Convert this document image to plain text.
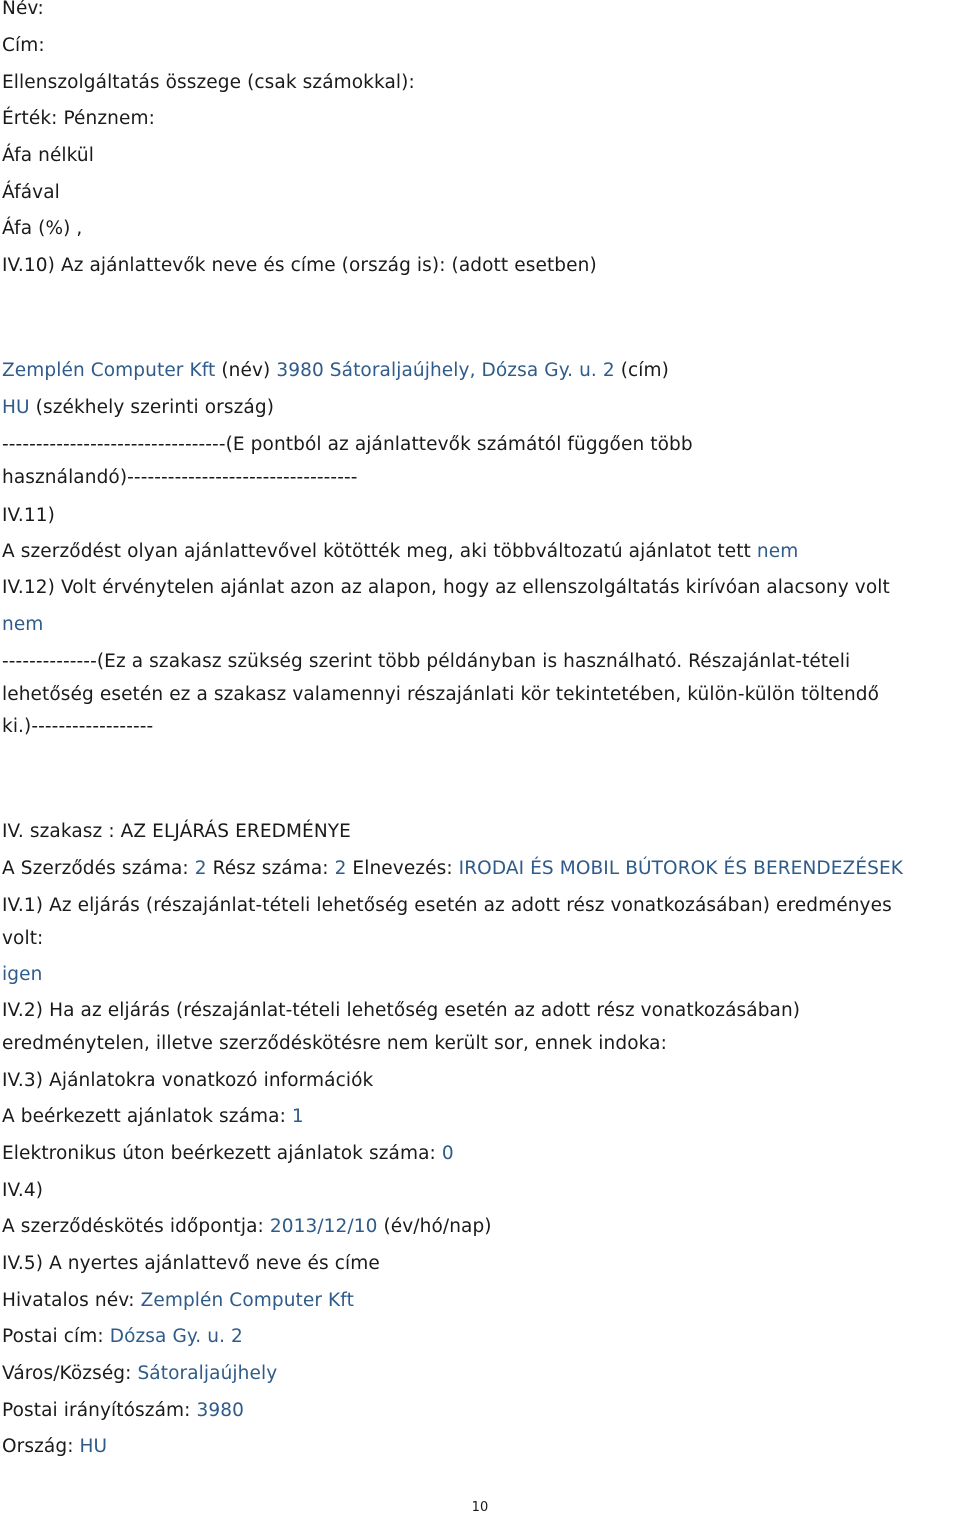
Név:
Cím:
Ellenszolgáltatás összege (csak számokkal):
Érték: Pénznem:
Áfa nélkül
Áfával
Áfa (%) ,
IV.10) Az ajánlattevők neve és címe (ország is): (adott esetben)
Zemplén Computer Kft (név) 3980 Sátoraljaújhely, Dózsa Gy. u. 2 (cím)
HU (székhely szerinti ország)
---------------------------------(E pontból az ajánlattevők számától függően több
használandó)----------------------------------
IV.11)
A szerződést olyan ajánlattevővel kötötték meg, aki többváltozatú ajánlatot tett nem
IV.12) Volt érvénytelen ajánlat azon az alapon, hogy az ellenszolgáltatás kirívóan alacsony volt
nem
--------------(Ez a szakasz szükség szerint több példányban is használható. Részajánlat-tételi
lehetőség esetén ez a szakasz valamennyi részajánlati kör tekintetében, külön-külön töltendő
ki.)------------------
IV. szakasz : AZ ELJÁRÁS EREDMÉNYE
A Szerződés száma: 2 Rész száma: 2 Elnevezés: IRODAI ÉS MOBIL BÚTOROK ÉS BERENDEZÉSEK
IV.1) Az eljárás (részajánlat-tételi lehetőség esetén az adott rész vonatkozásában) eredményes
volt:
igen
IV.2) Ha az eljárás (részajánlat-tételi lehetőség esetén az adott rész vonatkozásában)
eredménytelen, illetve szerződéskötésre nem került sor, ennek indoka:
IV.3) Ajánlatokra vonatkozó információk
A beérkezett ajánlatok száma: 1
Elektronikus úton beérkezett ajánlatok száma: 0
IV.4)
A szerződéskötés időpontja: 2013/12/10 (év/hó/nap)
IV.5) A nyertes ajánlattevő neve és címe
Hivatalos név: Zemplén Computer Kft
Postai cím: Dózsa Gy. u. 2
Város/Község: Sátoraljaújhely
Postai irányítószám: 3980
Ország: HU
10
